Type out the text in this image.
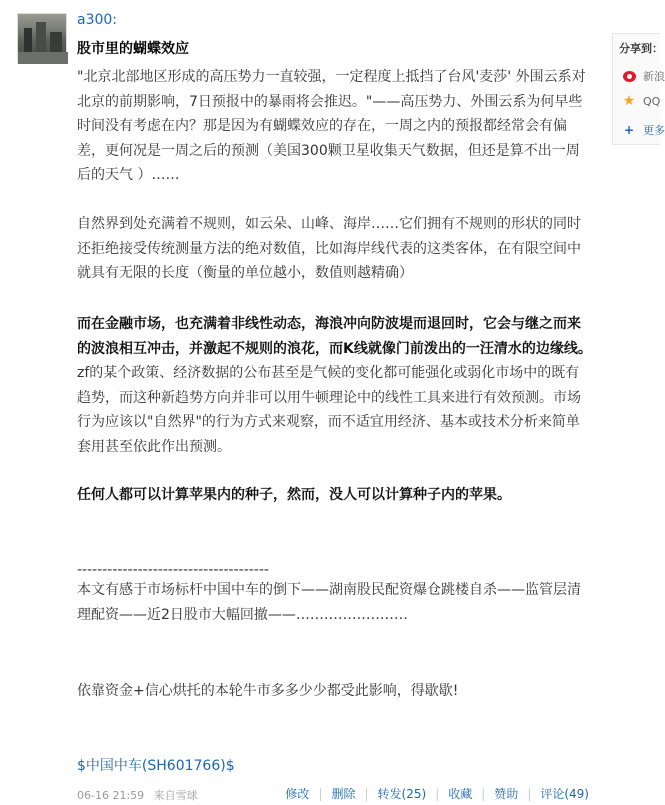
a300:
股市里的蝴蝶效应

"北京北部地区形成的高压势力一直较强，一定程度上抵挡了台风'麦莎' 外围云系对北京的前期影响，7日预报中的暴雨将会推迟。"——高压势力、外围云系为何早些时间没有考虑在内？那是因为有蝴蝶效应的存在，一周之内的预报都经常会有偏差，更何况是一周之后的预测（美国300颗卫星收集天气数据，但还是算不出一周后的天气 ）……

自然界到处充满着不规则，如云朵、山峰、海岸……它们拥有不规则的形状的同时还拒绝接受传统测量方法的绝对数值，比如海岸线代表的这类客体，在有限空间中就具有无限的长度（衡量的单位越小，数值则越精确）

而在金融市场，也充满着非线性动态，海浪冲向防波堤而退回时，它会与继之而来的波浪相互冲击，并激起不规则的浪花，而K线就像门前泼出的一汪清水的边缘线。zf的某个政策、经济数据的公布甚至是气候的变化都可能强化或弱化市场中的既有趋势，而这种新趋势方向并非可以用牛顿理论中的线性工具来进行有效预测。市场行为应该以"自然界"的行为方式来观察，而不适宜用经济、基本或技术分析来简单套用甚至依此作出预测。

任何人都可以计算苹果内的种子，然而，没人可以计算种子内的苹果。

--------------------------------------

本文有感于市场标杆中国中车的倒下——湖南股民配资爆仓跳楼自杀——监管层清理配资——近2日股市大幅回撤——……………………

依靠资金+信心烘托的本轮牛市多多少少都受此影响，得歇歇!

$中国中车(SH601766)$
06-16 21:59 来自雪球	修改 | 删除 | 转发(25) | 收藏 | 赞助 | 评论(49)
分享到：
新浪
★ QQ
+ 更多
